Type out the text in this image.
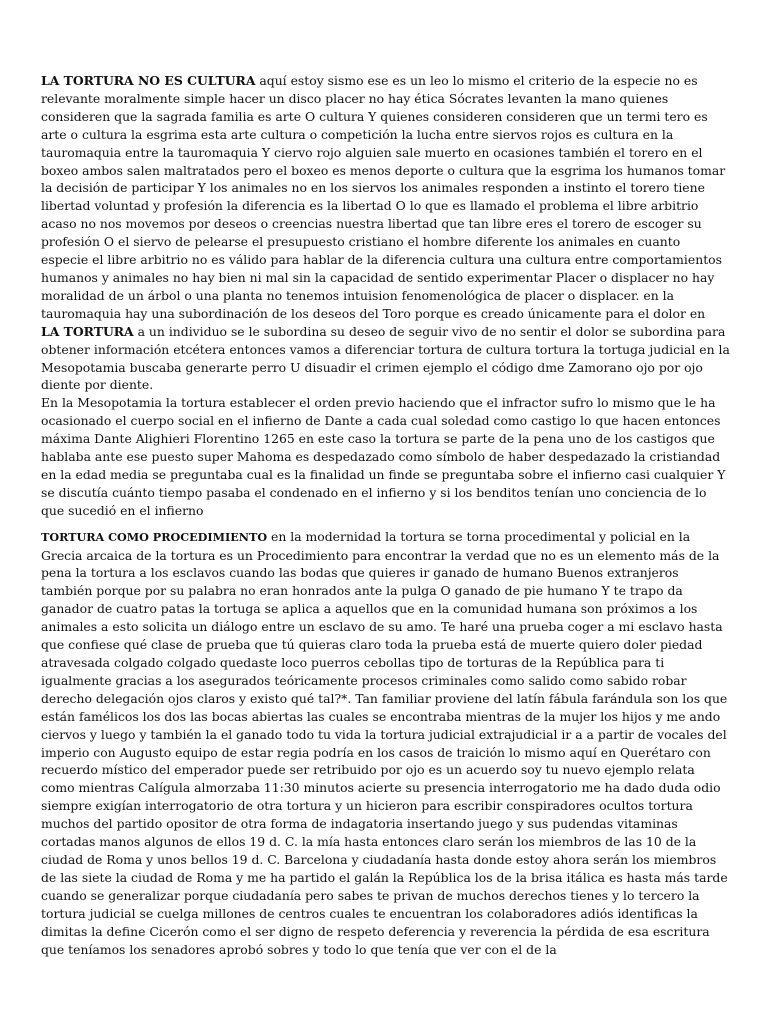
LA TORTURA NO ES CULTURA aquí estoy sismo ese es un leo lo mismo el criterio de la especie no es relevante moralmente simple hacer un disco placer no hay ética Sócrates levanten la mano quienes consideren que la sagrada familia es arte O cultura Y quienes consideren consideren que un termi tero es arte o cultura la esgrima esta arte cultura o competición la lucha entre siervos rojos es cultura en la tauromaquia entre la tauromaquia Y ciervo rojo alguien sale muerto en ocasiones también el torero en el boxeo ambos salen maltratados pero el boxeo es menos deporte o cultura que la esgrima los humanos tomar la decisión de participar Y los animales no en los siervos los animales responden a instinto el torero tiene libertad voluntad y profesión la diferencia es la libertad O lo que es llamado el problema el libre arbitrio acaso no nos movemos por deseos o creencias nuestra libertad que tan libre eres el torero de escoger su profesión O el siervo de pelearse el presupuesto cristiano el hombre diferente los animales en cuanto especie el libre arbitrio no es válido para hablar de la diferencia cultura una cultura entre comportamientos humanos y animales no hay bien ni mal sin la capacidad de sentido experimentar Placer o displacer no hay moralidad de un árbol o una planta no tenemos intuision fenomenológica de placer o displacer. en la tauromaquia hay una subordinación de los deseos del Toro porque es creado únicamente para el dolor en

LA TORTURA a un individuo se le subordina su deseo de seguir vivo de no sentir el dolor se subordina para obtener información etcétera entonces vamos a diferenciar tortura de cultura tortura la tortuga judicial en la Mesopotamia buscaba generarte perro U disuadir el crimen ejemplo el código dme Zamorano ojo por ojo diente por diente.

En la Mesopotamia la tortura establecer el orden previo haciendo que el infractor sufro lo mismo que le ha ocasionado el cuerpo social en el infierno de Dante a cada cual soledad como castigo lo que hacen entonces máxima Dante Alighieri Florentino 1265 en este caso la tortura se parte de la pena uno de los castigos que hablaba ante ese puesto super Mahoma es despedazado como símbolo de haber despedazado la cristiandad en la edad media se preguntaba cual es la finalidad un finde se preguntaba sobre el infierno casi cualquier Y se discutía cuánto tiempo pasaba el condenado en el infierno y si los benditos tenían uno conciencia de lo que sucedió en el infierno

TORTURA COMO PROCEDIMIENTO en la modernidad la tortura se torna procedimental y policial en la Grecia arcaica de la tortura es un Procedimiento para encontrar la verdad que no es un elemento más de la pena la tortura a los esclavos cuando las bodas que quieres ir ganado de humano Buenos extranjeros también porque por su palabra no eran honrados ante la pulga O ganado de pie humano Y te trapo da ganador de cuatro patas la tortuga se aplica a aquellos que en la comunidad humana son próximos a los animales a esto solicita un diálogo entre un esclavo de su amo. Te haré una prueba coger a mi esclavo hasta que confiese qué clase de prueba que tú quieras claro toda la prueba está de muerte quiero doler piedad atravesada colgado colgado quedaste loco puerros cebollas tipo de torturas de la República para ti igualmente gracias a los asegurados teóricamente procesos criminales como salido como sabido robar derecho delegación ojos claros y existo qué tal?*. Tan familiar proviene del latín fábula farándula son los que están famélicos los dos las bocas abiertas las cuales se encontraba mientras de la mujer los hijos y me ando ciervos y luego y también la el ganado todo tu vida la tortura judicial extrajudicial ir a a partir de vocales del imperio con Augusto equipo de estar regia podría en los casos de traición lo mismo aquí en Querétaro con recuerdo místico del emperador puede ser retribuido por ojo es un acuerdo soy tu nuevo ejemplo relata como mientras Calígula almorzaba 11:30 minutos acierte su presencia interrogatorio me ha dado duda odio siempre exigían interrogatorio de otra tortura y un hicieron para escribir conspiradores ocultos tortura muchos del partido opositor de otra forma de indagatoria insertando juego y sus pudendas vitaminas cortadas manos algunos de ellos 19 d. C. la mía hasta entonces claro serán los miembros de las 10 de la ciudad de Roma y unos bellos 19 d. C. Barcelona y ciudadanía hasta donde estoy ahora serán los miembros de las siete la ciudad de Roma y me ha partido el galán la República los de la brisa itálica es hasta más tarde cuando se generalizar porque ciudadanía pero sabes te privan de muchos derechos tienes y lo tercero la tortura judicial se cuelga millones de centros cuales te encuentran los colaboradores adiós identificas la dimitas la define Cicerón como el ser digno de respeto deferencia y reverencia la pérdida de esa escritura que teníamos los senadores aprobó sobres y todo lo que tenía que ver con el de la
